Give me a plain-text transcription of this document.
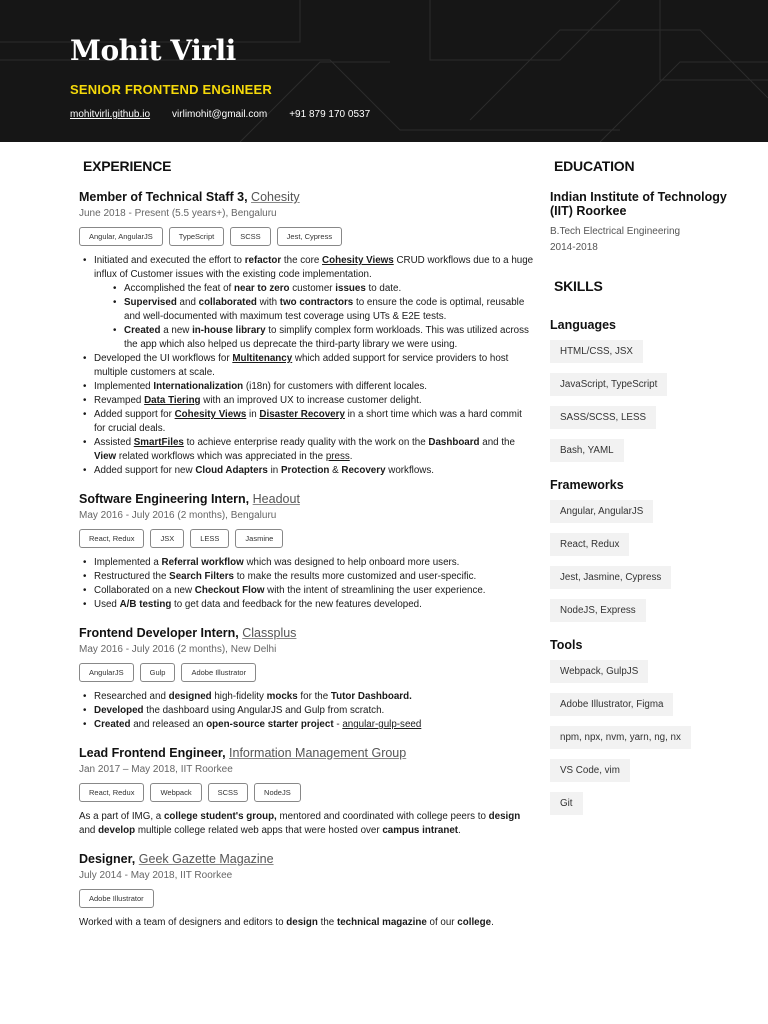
Mohit Virli
SENIOR FRONTEND ENGINEER
mohitvirli.github.io virlimohit@gmail.com +91 879 170 0537
EXPERIENCE
Member of Technical Staff 3, Cohesity
June 2018 - Present (5.5 years+), Bengaluru
Angular, AngularJS	TypeScript	SCSS	Jest, Cypress
• Initiated and executed the effort to refactor the core Cohesity Views CRUD workflows due to a huge influx of Customer issues with the existing code implementation.
• Accomplished the feat of near to zero customer issues to date.
• Supervised and collaborated with two contractors to ensure the code is optimal, reusable and well-documented with maximum test coverage using UTs & E2E tests.
• Created a new in-house library to simplify complex form workloads. This was utilized across the app which also helped us deprecate the third-party library we were using.
• Developed the UI workflows for Multitenancy which added support for service providers to host multiple customers at scale.
• Implemented Internationalization (i18n) for customers with different locales.
• Revamped Data Tiering with an improved UX to increase customer delight.
• Added support for Cohesity Views in Disaster Recovery in a short time which was a hard commit for crucial deals.
• Assisted SmartFiles to achieve enterprise ready quality with the work on the Dashboard and the View related workflows which was appreciated in the press.
• Added support for new Cloud Adapters in Protection & Recovery workflows.
Software Engineering Intern, Headout
May 2016 - July 2016 (2 months), Bengaluru
React, Redux	JSX	LESS	Jasmine
• Implemented a Referral workflow which was designed to help onboard more users.
• Restructured the Search Filters to make the results more customized and user-specific.
• Collaborated on a new Checkout Flow with the intent of streamlining the user experience.
• Used A/B testing to get data and feedback for the new features developed.
Frontend Developer Intern, Classplus
May 2016 - July 2016 (2 months), New Delhi
AngularJS	Gulp	Adobe Illustrator
• Researched and designed high-fidelity mocks for the Tutor Dashboard.
• Developed the dashboard using AngularJS and Gulp from scratch.
• Created and released an open-source starter project - angular-gulp-seed
Lead Frontend Engineer, Information Management Group
Jan 2017 – May 2018, IIT Roorkee
React, Redux	Webpack	SCSS	NodeJS

As a part of IMG, a college student's group, mentored and coordinated with college peers to design and develop multiple college related web apps that were hosted over campus intranet.

Designer, Geek Gazette Magazine
July 2014 - May 2018, IIT Roorkee
Adobe Illustrator

Worked with a team of designers and editors to design the technical magazine of our college.

EDUCATION
Indian Institute of Technology (IIT) Roorkee
B.Tech Electrical Engineering
2014-2018
SKILLS
Languages
HTML/CSS, JSX
JavaScript, TypeScript
SASS/SCSS, LESS
Bash, YAML
Frameworks
Angular, AngularJS
React, Redux
Jest, Jasmine, Cypress
NodeJS, Express
Tools
Webpack, GulpJS
Adobe Illustrator, Figma
npm, npx, nvm, yarn, ng, nx
VS Code, vim
Git
